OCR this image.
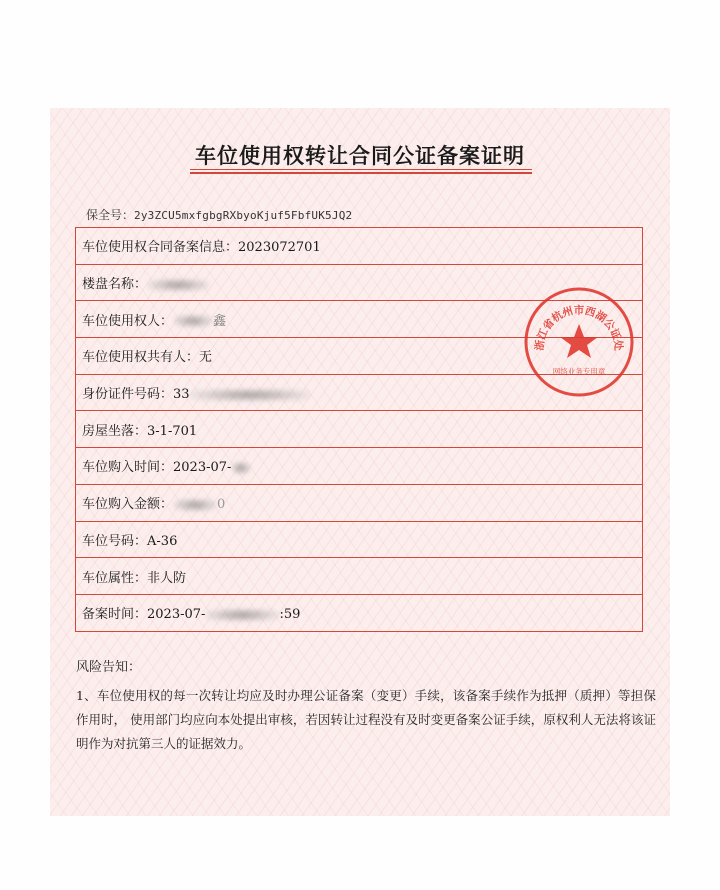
车位使用权转让合同公证备案证明
保全号：2y3ZCU5mxfgbgRXbyoKjuf5FbfUK5JQ2
车位使用权合同备案信息：2023072701
楼盘名称：
车位使用权人：	鑫
车位使用权共有人：无
身份证件号码：33
房屋坐落：3-1-701
车位购入时间：2023-07-
车位购入金额：	0
车位号码：A-36
车位属性：非人防
备案时间：2023-07-	:59
风险告知：
1、车位使用权的每一次转让均应及时办理公证备案（变更）手续，该备案手续作为抵押（质押）等担保作用时， 使用部门均应向本处提出审核，若因转让过程没有及时变更备案公证手续，原权利人无法将该证明作为对抗第三人的证据效力。
浙江省杭州市西湖公证处
网络业务专用章
